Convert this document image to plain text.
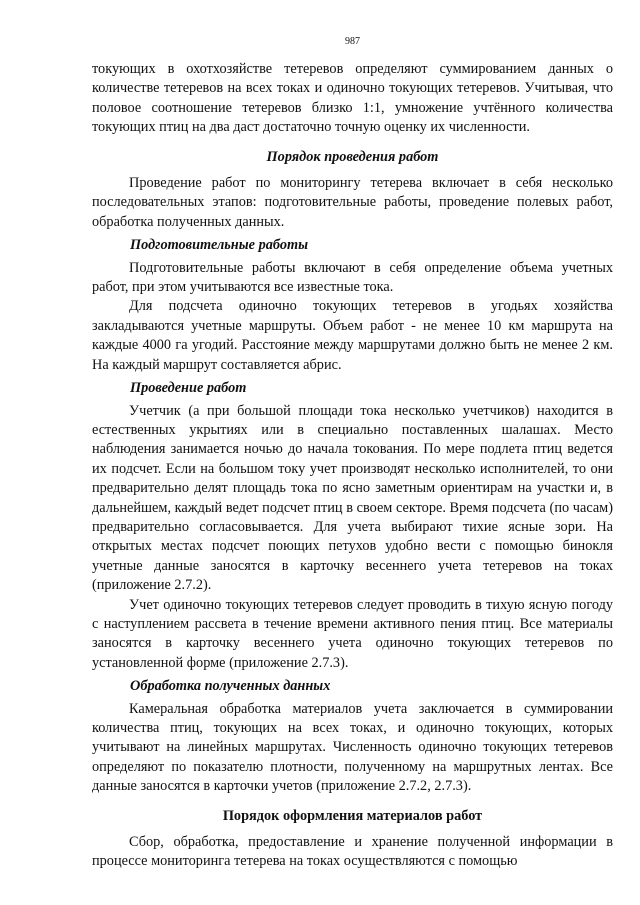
987

токующих в охотхозяйстве тетеревов определяют суммированием данных о количестве тетеревов на всех токах и одиночно токующих тетеревов. Учитывая, что половое соотношение тетеревов близко 1:1, умножение учтённого количества токующих птиц на два даст достаточно точную оценку их численности.

Порядок проведения работ

Проведение работ по мониторингу тетерева включает в себя несколько последовательных этапов: подготовительные работы, проведение полевых работ, обработка полученных данных.

Подготовительные работы

Подготовительные работы включают в себя определение объема учетных работ, при этом учитываются все известные тока.

Для подсчета одиночно токующих тетеревов в угодьях хозяйства закладываются учетные маршруты. Объем работ - не менее 10 км маршрута на каждые 4000 га угодий. Расстояние между маршрутами должно быть не менее 2 км. На каждый маршрут составляется абрис.

Проведение работ

Учетчик (а при большой площади тока несколько учетчиков) находится в естественных укрытиях или в специально поставленных шалашах. Место наблюдения занимается ночью до начала токования. По мере подлета птиц ведется их подсчет. Если на большом току учет производят несколько исполнителей, то они предварительно делят площадь тока по ясно заметным ориентирам на участки и, в дальнейшем, каждый ведет подсчет птиц в своем секторе. Время подсчета (по часам) предварительно согласовывается. Для учета выбирают тихие ясные зори. На открытых местах подсчет поющих петухов удобно вести с помощью бинокля учетные данные заносятся в карточку весеннего учета тетеревов на токах (приложение 2.7.2).

Учет одиночно токующих тетеревов следует проводить в тихую ясную погоду с наступлением рассвета в течение времени активного пения птиц. Все материалы заносятся в карточку весеннего учета одиночно токующих тетеревов по установленной форме (приложение 2.7.3).

Обработка полученных данных

Камеральная обработка материалов учета заключается в суммировании количества птиц, токующих на всех токах, и одиночно токующих, которых учитывают на линейных маршрутах. Численность одиночно токующих тетеревов определяют по показателю плотности, полученному на маршрутных лентах. Все данные заносятся в карточки учетов (приложение 2.7.2, 2.7.3).

Порядок оформления материалов работ

Сбор, обработка, предоставление и хранение полученной информации в процессе мониторинга тетерева на токах осуществляются с помощью
